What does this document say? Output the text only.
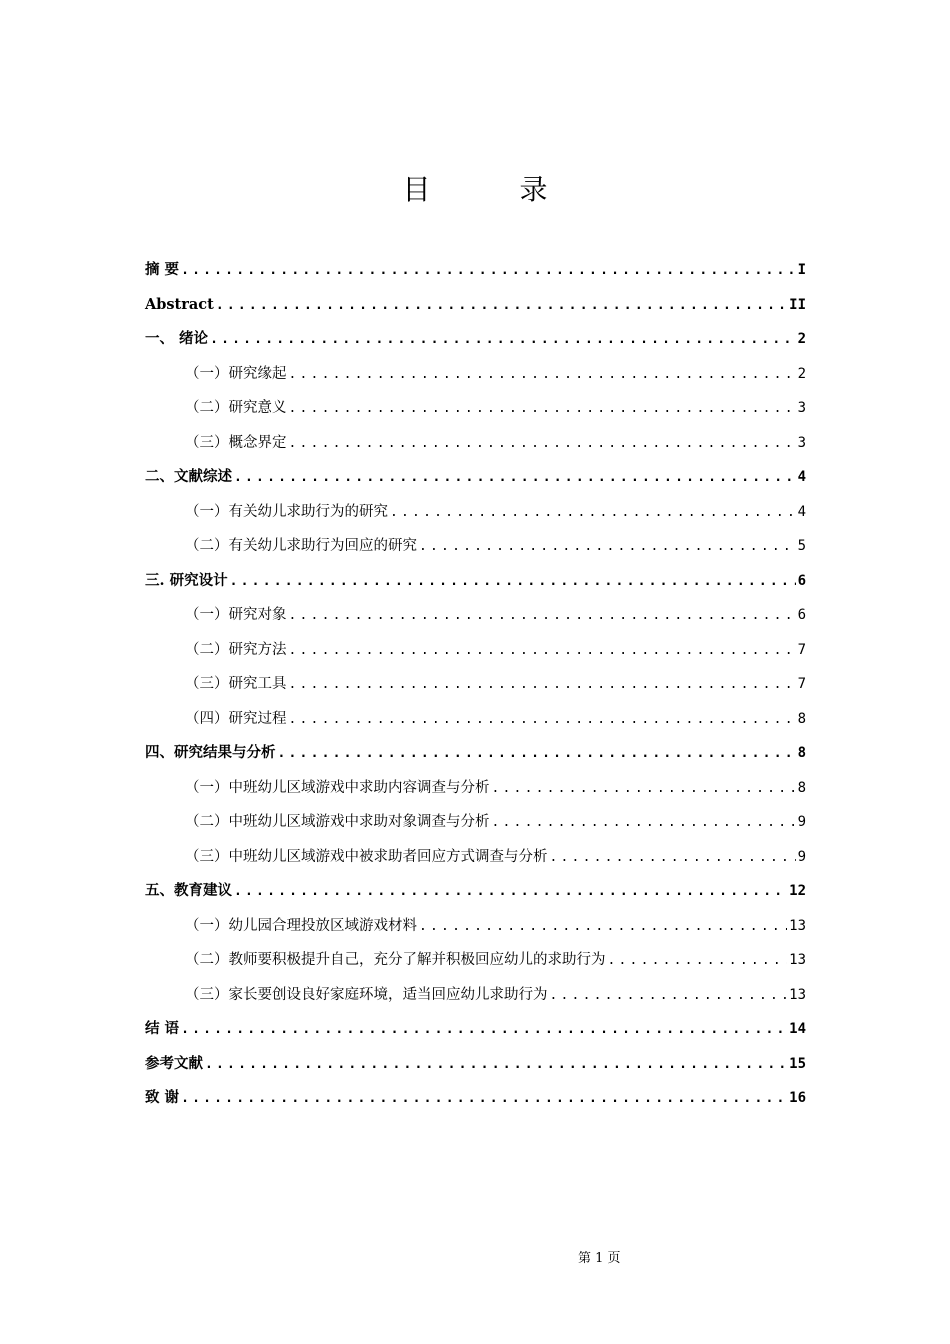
目 录
摘 要 .....	I
Abstract .....	II
一、 绪论 .....	2
（一）研究缘起 .....	2
（二）研究意义 .....	3
（三）概念界定 .....	3
二、文献综述 .....	4
（一）有关幼儿求助行为的研究 .....	4
（二）有关幼儿求助行为回应的研究 .....	5
三. 研究设计 .....	6
（一）研究对象 .....	6
（二）研究方法 .....	7
（三）研究工具 .....	7
（四）研究过程 .....	8
四、研究结果与分析 .....	8
（一）中班幼儿区域游戏中求助内容调查与分析 .....	8
（二）中班幼儿区域游戏中求助对象调查与分析 .....	9
（三）中班幼儿区域游戏中被求助者回应方式调查与分析 .....	9
五、教育建议 .....	12
（一）幼儿园合理投放区域游戏材料 .....	13
（二）教师要积极提升自己，充分了解并积极回应幼儿的求助行为 .....	13
（三）家长要创设良好家庭环境，适当回应幼儿求助行为 .....	13
结 语 .....	14
参考文献 .....	15
致 谢 .....	16
第 1 页
